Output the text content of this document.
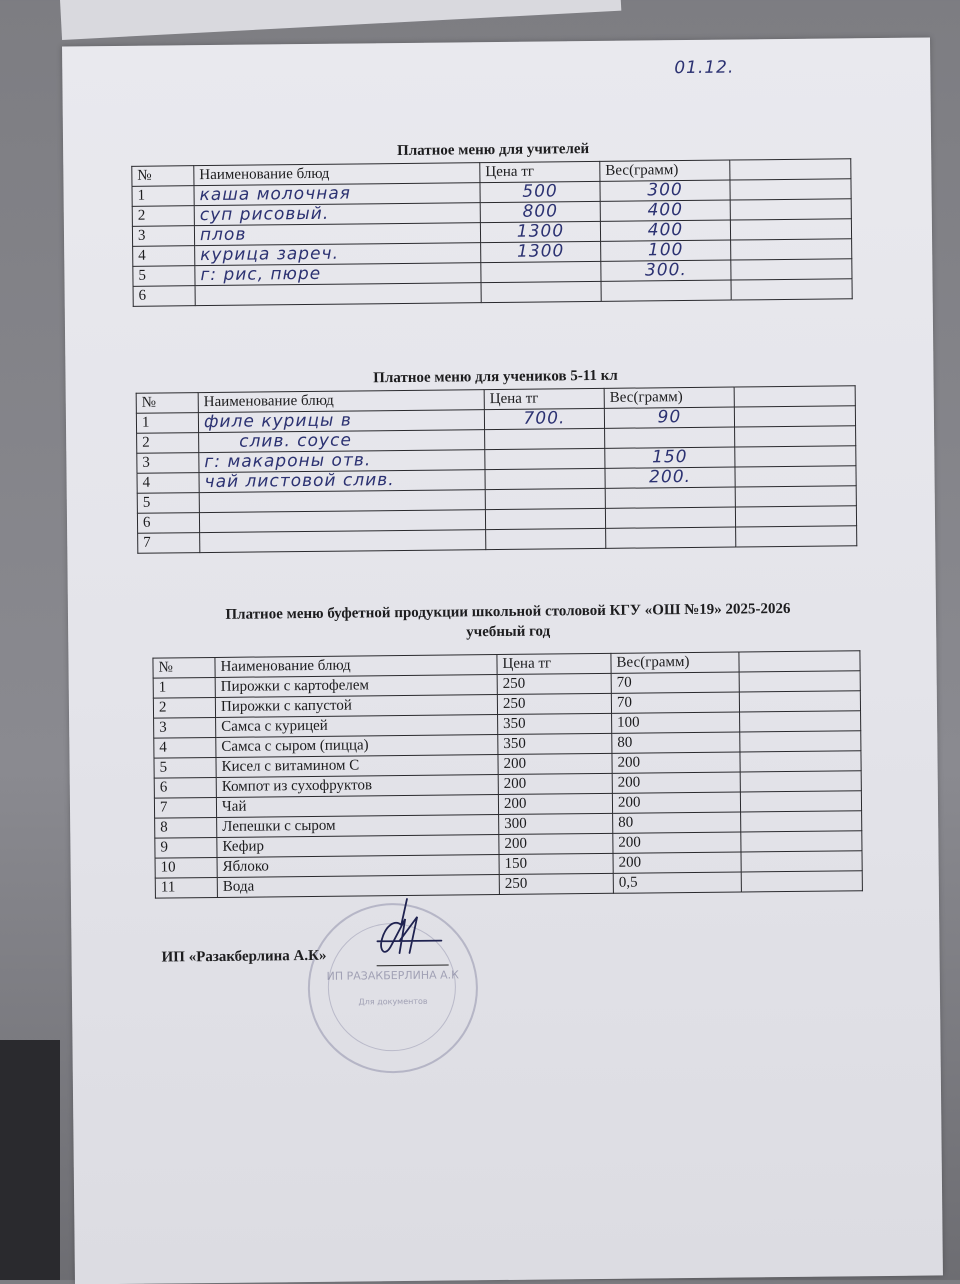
01.12.
Платное меню для учителей
№	Наименование блюд	Цена тг	Вес(грамм)	
1	каша молочная	500	300	
2	суп рисовый.	800	400	
3	плов	1300	400	
4	курица зареч.	1300	100	
5	г: рис, пюре		300.	
6				
Платное меню для учеников 5-11 кл
№	Наименование блюд	Цена тг	Вес(грамм)	
1	филе курицы в	700.	90	
2	слив. соусе			
3	г: макароны отв.		150	
4	чай листовой слив.		200.	
5				
6				
7				
Платное меню буфетной продукции школьной столовой КГУ «ОШ №19» 2025-2026
учебный год
№	Наименование блюд	Цена тг	Вес(грамм)	
1	Пирожки с картофелем	250	70	
2	Пирожки с капустой	250	70	
3	Самса с курицей	350	100	
4	Самса с сыром (пицца)	350	80	
5	Кисел с витамином С	200	200	
6	Компот из сухофруктов	200	200	
7	Чай	200	200	
8	Лепешки с сыром	300	80	
9	Кефир	200	200	
10	Яблоко	150	200	
11	Вода	250	0,5	
ИП РАЗАКБЕРЛИНА А.К
Для документов
ИП «Разакберлина А.К»
